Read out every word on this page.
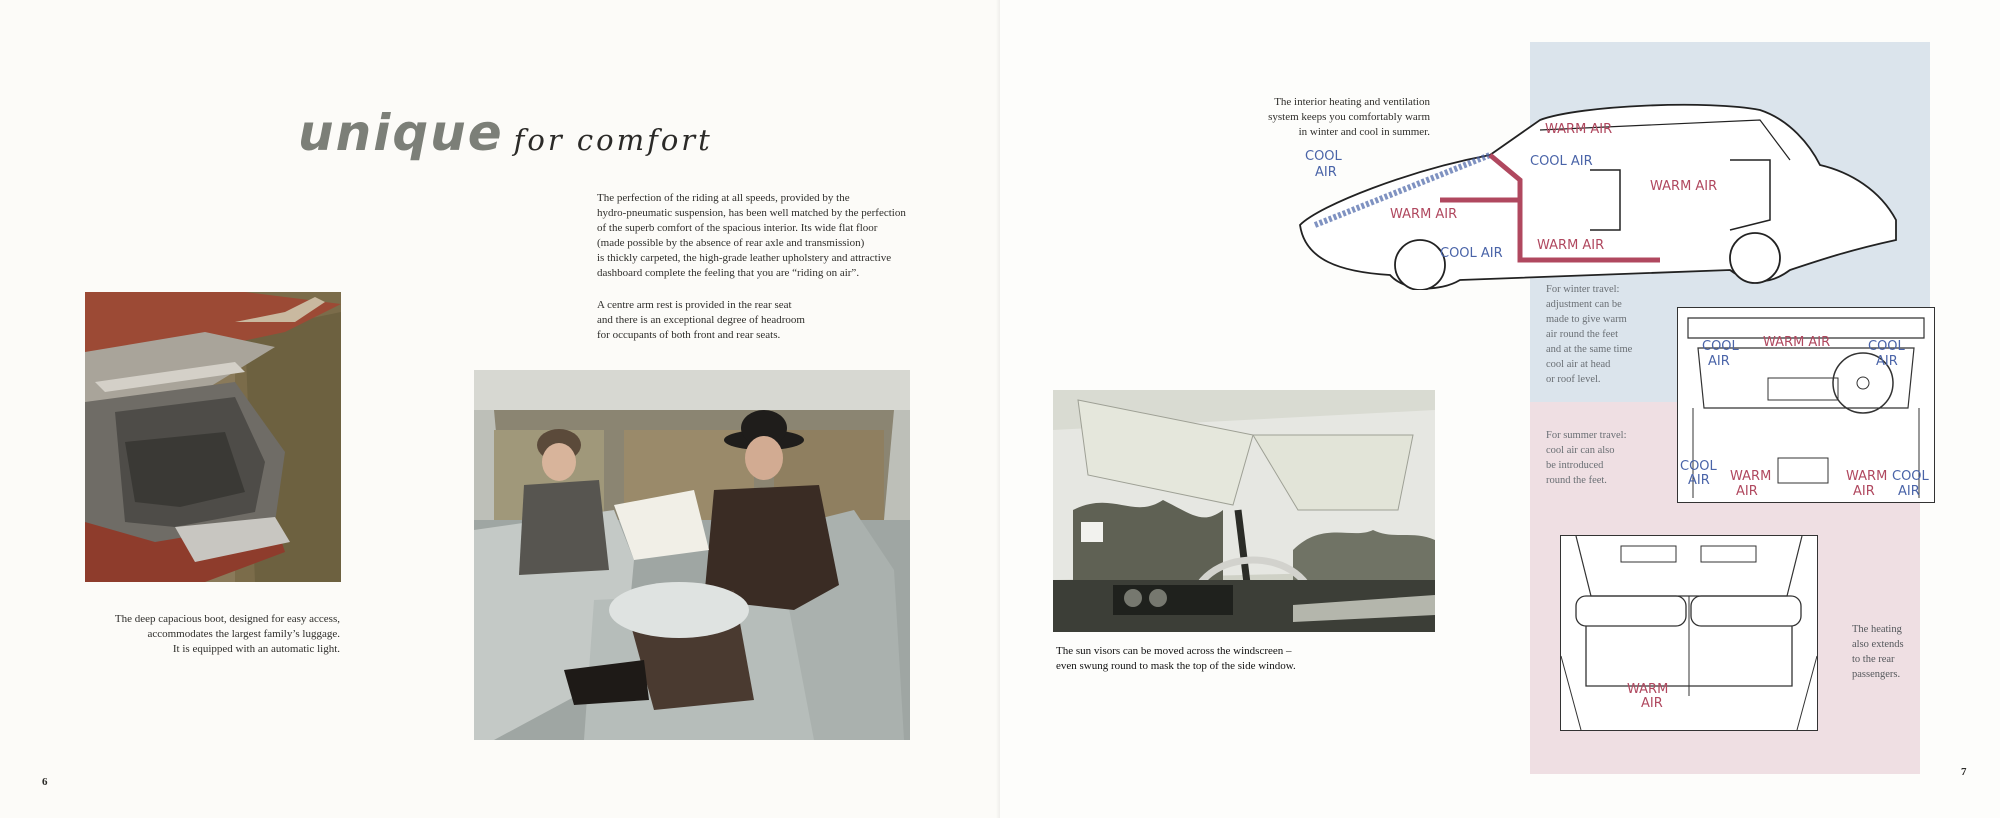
unique for comfort

The perfection of the riding at all speeds, provided by the

hydro-pneumatic suspension, has been well matched by the perfection

of the superb comfort of the spacious interior. Its wide flat floor

(made possible by the absence of rear axle and transmission)

is thickly carpeted, the high-grade leather upholstery and attractive

dashboard complete the feeling that you are “riding on air”.

A centre arm rest is provided in the rear seat

and there is an exceptional degree of headroom

for occupants of both front and rear seats.

The deep capacious boot, designed for easy access,
accommodates the largest family’s luggage.
It is equipped with an automatic light.
6
The interior heating and ventilation
system keeps you comfortably warm
in winter and cool in summer.
COOL
AIR
WARM AIR
COOL AIR
WARM AIR
WARM AIR
WARM AIR
COOL AIR
For winter travel:
adjustment can be
made to give warm
air round the feet
and at the same time
cool air at head
or roof level.
For summer travel:
cool air can also
be introduced
round the feet.
COOL
AIR
WARM AIR	COOL
AIR
COOL
AIR WARM
AIR
WARM
AIR
COOL
AIR
The sun visors can be moved across the windscreen –
even swung round to mask the top of the side window.
WARM
AIR
The heating
also extends
to the rear
passengers.
7
